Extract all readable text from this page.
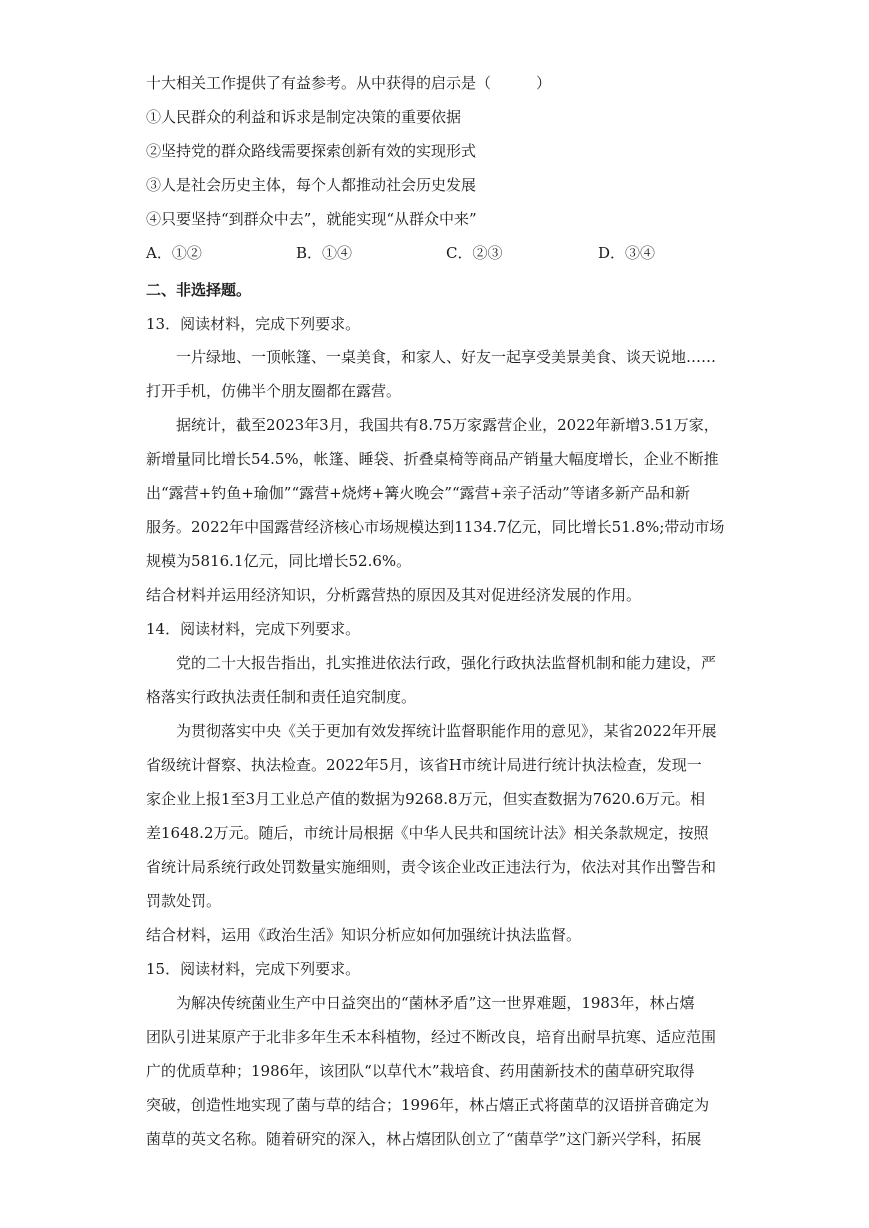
十大相关工作提供了有益参考。从中获得的启示是（　　　）
①人民群众的利益和诉求是制定决策的重要依据
②坚持党的群众路线需要探索创新有效的实现形式
③人是社会历史主体，每个人都推动社会历史发展
④只要坚持“到群众中去”，就能实现“从群众中来”
A．①②	B．①④	C．②③	D．③④
二、非选择题。
13．阅读材料，完成下列要求。
一片绿地、一顶帐篷、一桌美食，和家人、好友一起享受美景美食、谈天说地……
打开手机，仿佛半个朋友圈都在露营。
据统计，截至2023年3月，我国共有8.75万家露营企业，2022年新增3.51万家，
新增量同比增长54.5%，帐篷、睡袋、折叠桌椅等商品产销量大幅度增长，企业不断推
出“露营+钓鱼+瑜伽”“露营+烧烤+篝火晚会”“露营+亲子活动”等诸多新产品和新
服务。2022年中国露营经济核心市场规模达到1134.7亿元，同比增长51.8%;带动市场
规模为5816.1亿元，同比增长52.6%。
结合材料并运用经济知识，分析露营热的原因及其对促进经济发展的作用。
14．阅读材料，完成下列要求。
党的二十大报告指出，扎实推进依法行政，强化行政执法监督机制和能力建设，严
格落实行政执法责任制和责任追究制度。
为贯彻落实中央《关于更加有效发挥统计监督职能作用的意见》，某省2022年开展
省级统计督察、执法检查。2022年5月，该省H市统计局进行统计执法检查，发现一
家企业上报1至3月工业总产值的数据为9268.8万元，但实查数据为7620.6万元。相
差1648.2万元。随后，市统计局根据《中华人民共和国统计法》相关条款规定，按照
省统计局系统行政处罚数量实施细则，责令该企业改正违法行为，依法对其作出警告和
罚款处罚。
结合材料，运用《政治生活》知识分析应如何加强统计执法监督。
15．阅读材料，完成下列要求。
为解决传统菌业生产中日益突出的“菌林矛盾”这一世界难题，1983年，林占熺
团队引进某原产于北非多年生禾本科植物，经过不断改良，培育出耐旱抗寒、适应范围
广的优质草种；1986年，该团队“以草代木”栽培食、药用菌新技术的菌草研究取得
突破，创造性地实现了菌与草的结合；1996年，林占熺正式将菌草的汉语拼音确定为
菌草的英文名称。随着研究的深入，林占熺团队创立了“菌草学”这门新兴学科，拓展
